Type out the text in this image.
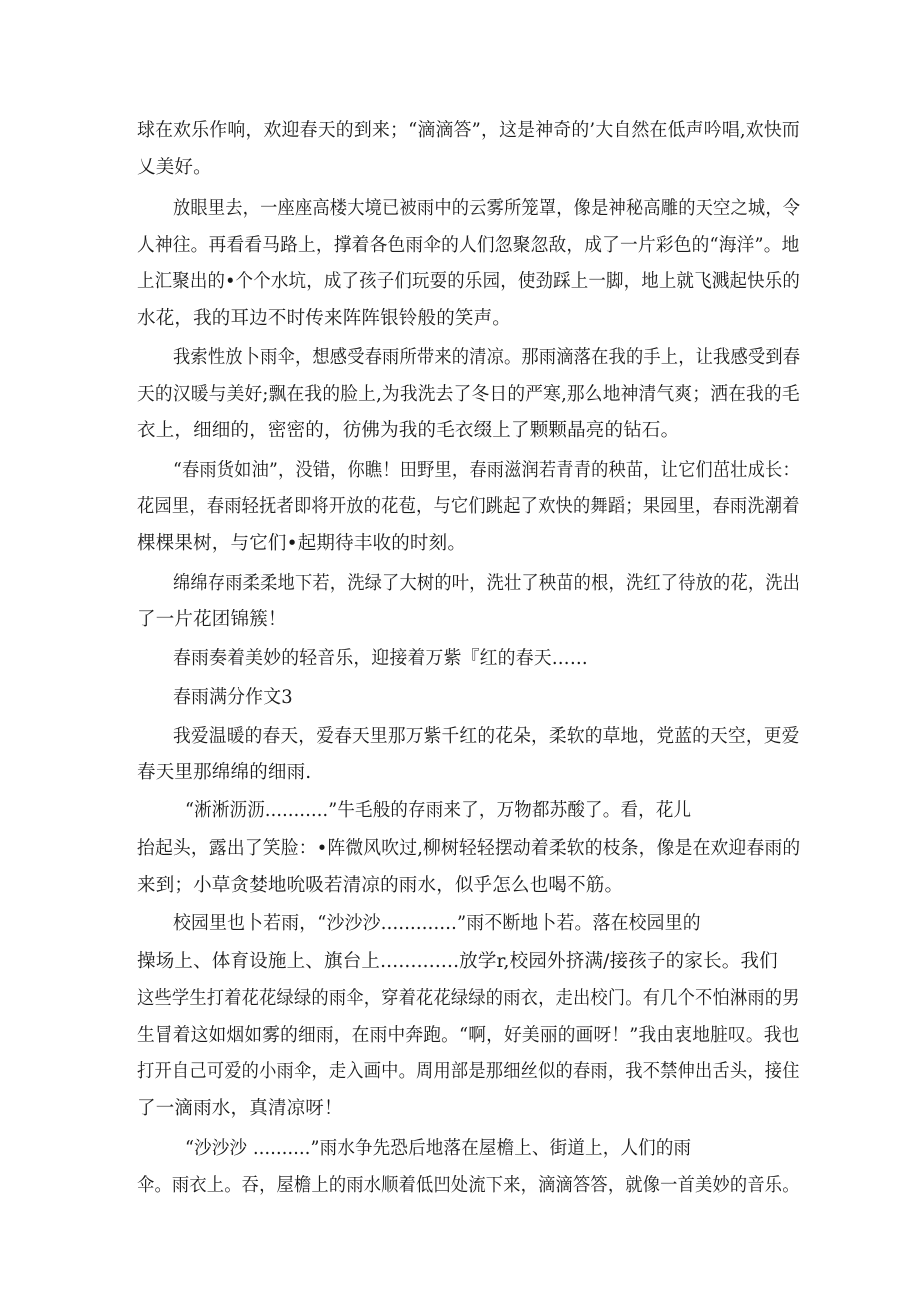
球在欢乐作响，欢迎春天的到来；“滴滴答”，这是神奇的’大自然在低声吟唱,欢快而
乂美好。
放眼里去，一座座高楼大境已被雨中的云雾所笼罩，像是神秘高雕的天空之城，令
人神往。再看看马路上，撑着各色雨伞的人们忽聚忽敌，成了一片彩色的“海洋”。地
上汇聚出的•个个水坑，成了孩子们玩耍的乐园，使劲踩上一脚，地上就飞溅起快乐的
水花，我的耳边不时传来阵阵银铃般的笑声。
我索性放卜雨伞，想感受春雨所带来的清凉。那雨滴落在我的手上，让我感受到春
天的汉暖与美好;飘在我的脸上,为我洗去了冬日的严寒,那么地神清气爽；洒在我的毛
衣上，细细的，密密的，彷佛为我的毛衣缀上了颗颗晶亮的钻石。
“春雨货如油”，没错，你瞧！田野里，春雨滋润若青青的秧苗，让它们茁壮成长：
花园里，春雨轻抚者即将开放的花苞，与它们跳起了欢快的舞蹈；果园里，春雨洗潮着
棵棵果树，与它们•起期待丰收的时刻。
绵绵存雨柔柔地下若，洗绿了大树的叶，洗壮了秧苗的根，洗红了待放的花，洗出
了一片花团锦簇！
春雨奏着美妙的轻音乐，迎接着万紫『红的春天……
春雨满分作文3
我爱温暖的春天，爱春天里那万紫千红的花朵，柔软的草地，党蓝的天空，更爱
春天里那绵绵的细雨.
“淅淅沥沥...........”牛毛般的存雨来了，万物都苏酸了。看，花儿
抬起头，露出了笑脸：•阵微风吹过,柳树轻轻摆动着柔软的枝条，像是在欢迎春雨的
来到；小草贪婪地吮吸若清凉的雨水，似乎怎么也喝不筋。
校园里也卜若雨，“沙沙沙.............”雨不断地卜若。落在校园里的
操场上、体育设施上、旗台上.............放学r,校园外挤满/接孩子的家长。我们
这些学生打着花花绿绿的雨伞，穿着花花绿绿的雨衣，走出校门。有几个不怕淋雨的男
生冒着这如烟如雾的细雨，在雨中奔跑。“啊，好美丽的画呀！”我由衷地脏叹。我也
打开自己可爱的小雨伞，走入画中。周用部是那细丝似的春雨，我不禁伸出舌头，接住
了一滴雨水，真清凉呀！
“沙沙沙 ..........”雨水争先恐后地落在屋檐上、街道上，人们的雨
伞。雨衣上。吞，屋檐上的雨水顺着低凹处流下来，滴滴答答，就像一首美妙的音乐。
